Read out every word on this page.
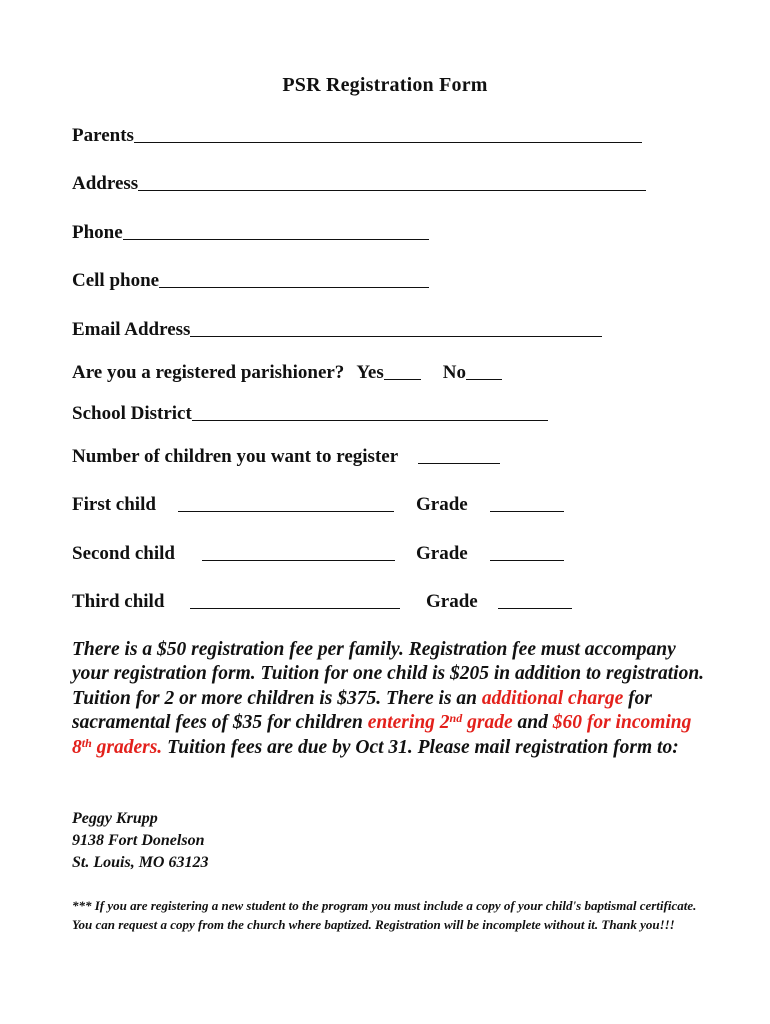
PSR Registration Form
Parents
Address
Phone
Cell phone
Email Address
Are you a registered parishioner? Yes	No
School District
Number of children you want to register
First child	Grade
Second child	Grade
Third child	Grade
There is a $50 registration fee per family. Registration fee must accompany your registration form. Tuition for one child is $205 in addition to registration. Tuition for 2 or more children is $375. There is an additional charge for sacramental fees of $35 for children entering 2nd grade and $60 for incoming 8th graders. Tuition fees are due by Oct 31. Please mail registration form to:
Peggy Krupp
9138 Fort Donelson
St. Louis, MO 63123
*** If you are registering a new student to the program you must include a copy of your child's baptismal certificate. You can request a copy from the church where baptized. Registration will be incomplete without it. Thank you!!!
